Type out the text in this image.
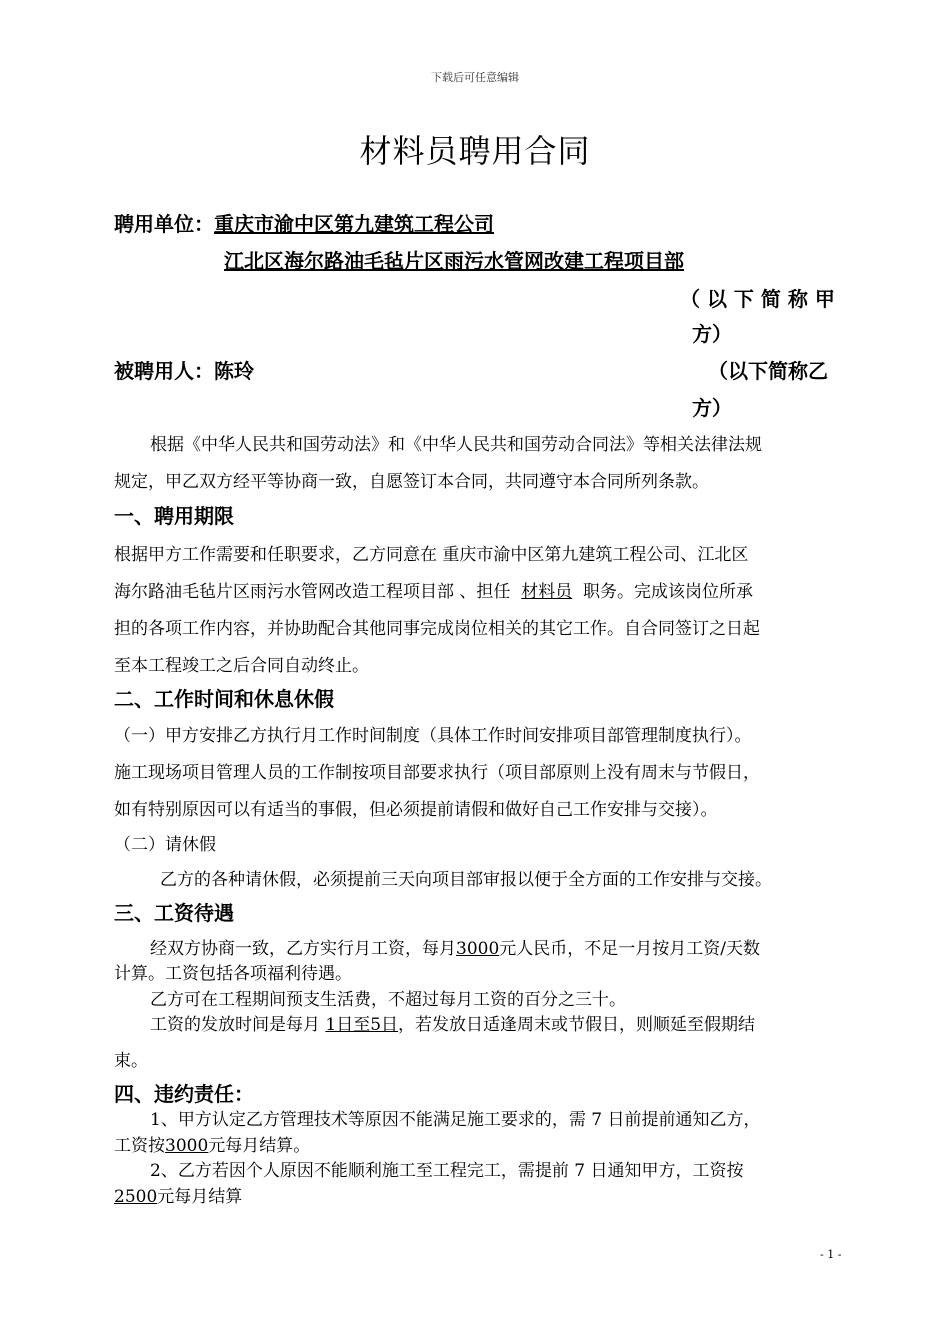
下载后可任意编辑
材料员聘用合同
聘用单位：重庆市渝中区第九建筑工程公司
江北区海尔路油毛毡片区雨污水管网改建工程项目部
（ 以 下 简 称 甲
方）
被聘用人：陈玲	（以下简称乙
方）
根据《中华人民共和国劳动法》和《中华人民共和国劳动合同法》等相关法律法规
规定，甲乙双方经平等协商一致，自愿签订本合同，共同遵守本合同所列条款。
一、聘用期限
根据甲方工作需要和任职要求，乙方同意在 重庆市渝中区第九建筑工程公司、江北区
海尔路油毛毡片区雨污水管网改造工程项目部 、担任 材料员 职务。完成该岗位所承
担的各项工作内容，并协助配合其他同事完成岗位相关的其它工作。自合同签订之日起
至本工程竣工之后合同自动终止。
二、工作时间和休息休假
（一）甲方安排乙方执行月工作时间制度（具体工作时间安排项目部管理制度执行）。
施工现场项目管理人员的工作制按项目部要求执行（项目部原则上没有周末与节假日，
如有特别原因可以有适当的事假，但必须提前请假和做好自己工作安排与交接）。
（二）请休假
乙方的各种请休假，必须提前三天向项目部审报以便于全方面的工作安排与交接。
三、工资待遇
经双方协商一致，乙方实行月工资，每月3000元人民币，不足一月按月工资/天数
计算。工资包括各项福利待遇。
乙方可在工程期间预支生活费，不超过每月工资的百分之三十。
工资的发放时间是每月 1日至5日，若发放日适逢周末或节假日，则顺延至假期结
束。
四、违约责任：
1、甲方认定乙方管理技术等原因不能满足施工要求的，需 7 日前提前通知乙方，
工资按3000元每月结算。
2、乙方若因个人原因不能顺利施工至工程完工，需提前 7 日通知甲方，工资按
2500元每月结算
- 1 -
